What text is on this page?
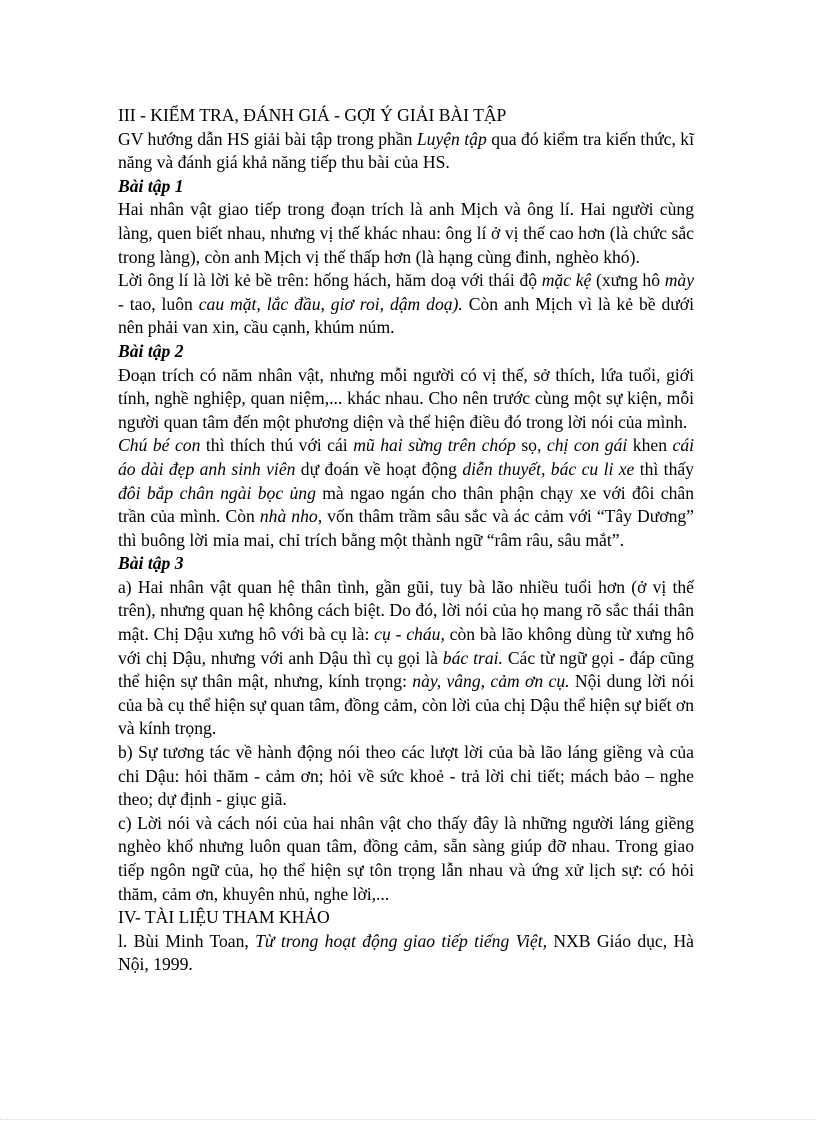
III - KIỂM TRA, ĐÁNH GIÁ - GỢI Ý GIẢI BÀI TẬP

GV hướng dẫn HS giải bài tập trong phần Luyện tập qua đó kiểm tra kiến thức, kĩ năng và đánh giá khả năng tiếp thu bài của HS.

Bài tập 1

Hai nhân vật giao tiếp trong đoạn trích là anh Mịch và ông lí. Hai người cùng làng, quen biết nhau, nhưng vị thế khác nhau: ông lí ở vị thế cao hơn (là chức sắc trong làng), còn anh Mịch vị thế thấp hơn (là hạng cùng đinh, nghèo khó).

Lời ông lí là lời kẻ bề trên: hống hách, hăm doạ với thái độ mặc kệ (xưng hô mày - tao, luôn cau mặt, lắc đầu, giơ roi, dậm doạ). Còn anh Mịch vì là kẻ bề dưới nên phải van xin, cầu cạnh, khúm núm.

Bài tập 2

Đoạn trích có năm nhân vật, nhưng mỗi người có vị thế, sở thích, lứa tuổi, giới tính, nghề nghiệp, quan niệm,... khác nhau. Cho nên trước cùng một sự kiện, mỗi người quan tâm đến một phương diện và thể hiện điều đó trong lời nói của mình.

Chú bé con thì thích thú với cái mũ hai sừng trên chóp sọ, chị con gái khen cái áo dài đẹp anh sinh viên dự đoán về hoạt động diễn thuyết, bác cu li xe thì thấy đôi bắp chân ngài bọc ủng mà ngao ngán cho thân phận chạy xe với đôi chân trần của mình. Còn nhà nho, vốn thâm trầm sâu sắc và ác cảm với “Tây Dương” thì buông lời mỉa mai, chỉ trích bằng một thành ngữ “râm râu, sâu mắt”.

Bài tập 3

a) Hai nhân vật quan hệ thân tình, gần gũi, tuy bà lão nhiều tuổi hơn (ở vị thế trên), nhưng quan hệ không cách biệt. Do đó, lời nói của họ mang rõ sắc thái thân mật. Chị Dậu xưng hô với bà cụ là: cụ - cháu, còn bà lão không dùng từ xưng hô với chị Dậu, nhưng với anh Dậu thì cụ gọi là bác trai. Các từ ngữ gọi - đáp cũng thể hiện sự thân mật, nhưng, kính trọng: này, vâng, cảm ơn cụ. Nội dung lời nói của bà cụ thể hiện sự quan tâm, đồng cảm, còn lời của chị Dậu thể hiện sự biết ơn và kính trọng.

b) Sự tương tác về hành động nói theo các lượt lời của bà lão láng giềng và của chi Dậu: hỏi thăm - cảm ơn; hỏi về sức khoẻ - trả lời chi tiết; mách bảo – nghe theo; dự định - giục giã.

c) Lời nói và cách nói của hai nhân vật cho thấy đây là những người láng giềng nghèo khổ nhưng luôn quan tâm, đồng cảm, sẵn sàng giúp đỡ nhau. Trong giao tiếp ngôn ngữ của, họ thể hiện sự tôn trọng lẫn nhau và ứng xử lịch sự: có hỏi thăm, cảm ơn, khuyên nhủ, nghe lời,...

IV- TÀI LIỆU THAM KHẢO

l. Bùi Minh Toan, Từ trong hoạt động giao tiếp tiếng Việt, NXB Giáo dục, Hà Nội, 1999.
